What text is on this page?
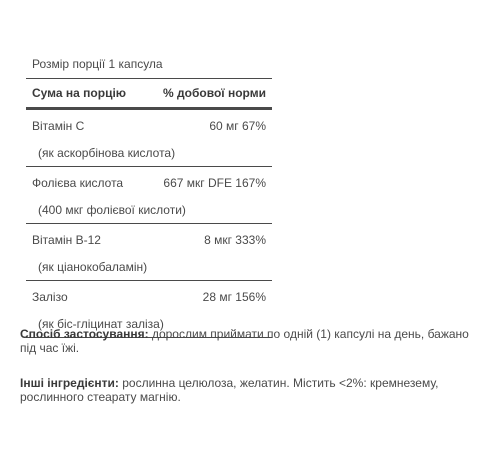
Розмір порції 1 капсула
Сума на порцію	% добової норми
Вітамін C	60 мг 67%
(як аскорбінова кислота)
Фолієва кислота	667 мкг DFE 167%
(400 мкг фолієвої кислоти)
Вітамін B-12	8 мкг 333%
(як ціанокобаламін)
Залізо	28 мг 156%
(як біс-гліцинат заліза)
Спосіб застосування: дорослим приймати по одній (1) капсулі на день, бажано під час їжі.
Інші інгредієнти: рослинна целюлоза, желатин. Містить <2%: кремнезему, рослинного стеарату магнію.
